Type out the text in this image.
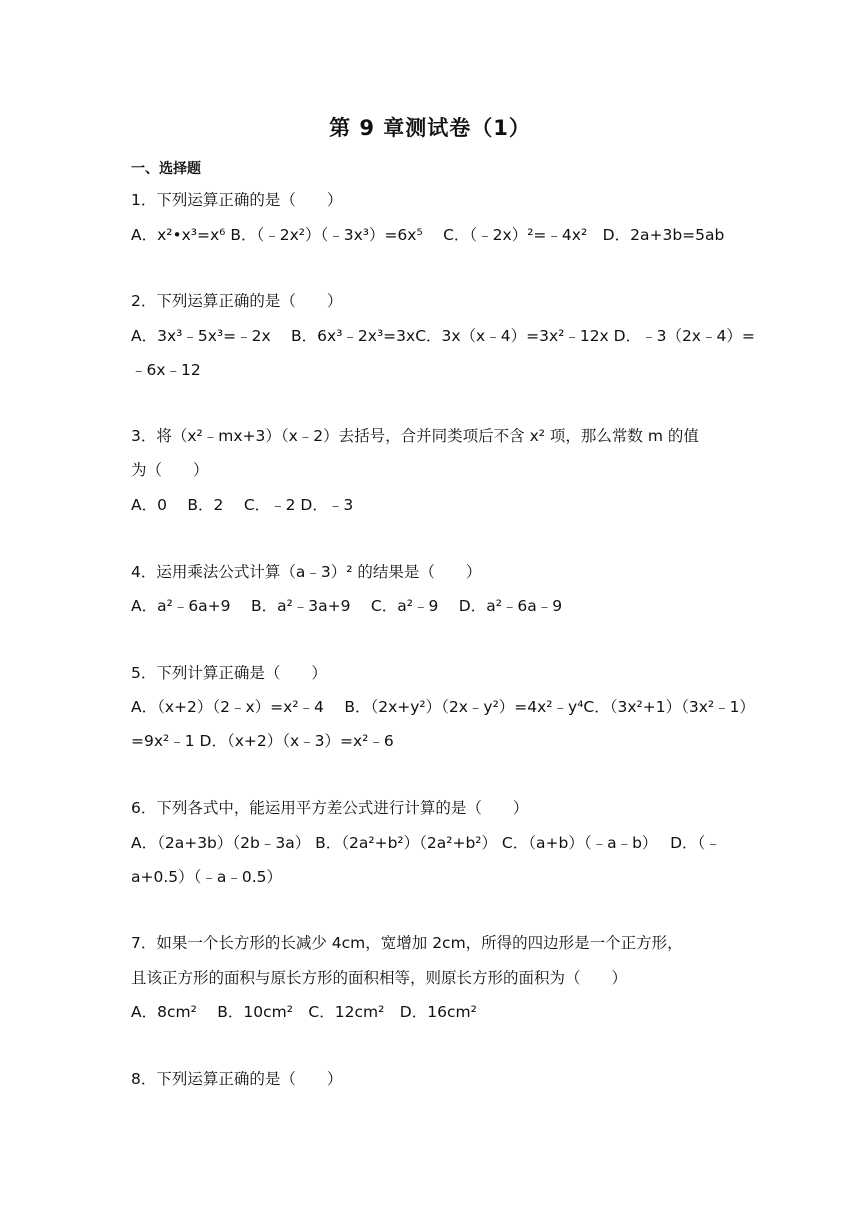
第 9 章测试卷（1）
一、选择题
1．下列运算正确的是（　　）
A．x²•x³=x⁶ B．（﹣2x²）（﹣3x³）=6x⁵　 C．（﹣2x）²=﹣4x²　D．2a+3b=5ab
2．下列运算正确的是（　　）
A．3x³﹣5x³=﹣2x　 B．6x³﹣2x³=3xC．3x（x﹣4）=3x²﹣12x D．﹣3（2x﹣4）=
﹣6x﹣12
3．将（x²﹣mx+3）（x﹣2）去括号，合并同类项后不含 x² 项，那么常数 m 的值
为（　　）
A．0　 B．2　 C．﹣2 D．﹣3
4．运用乘法公式计算（a﹣3）² 的结果是（　　）
A．a²﹣6a+9　 B．a²﹣3a+9　 C．a²﹣9　 D．a²﹣6a﹣9
5．下列计算正确是（　　）
A．（x+2）（2﹣x）=x²﹣4　 B．（2x+y²）（2x﹣y²）=4x²﹣y⁴C．（3x²+1）（3x²﹣1）
=9x²﹣1 D．（x+2）（x﹣3）=x²﹣6
6．下列各式中，能运用平方差公式进行计算的是（　　）
A．（2a+3b）（2b﹣3a） B．（2a²+b²）（2a²+b²） C．（a+b）（﹣a﹣b）　 D．（﹣
a+0.5）（﹣a﹣0.5）
7．如果一个长方形的长减少 4cm，宽增加 2cm，所得的四边形是一个正方形，
且该正方形的面积与原长方形的面积相等，则原长方形的面积为（　　）
A．8cm²　 B．10cm²　C．12cm²　D．16cm²
8．下列运算正确的是（　　）
